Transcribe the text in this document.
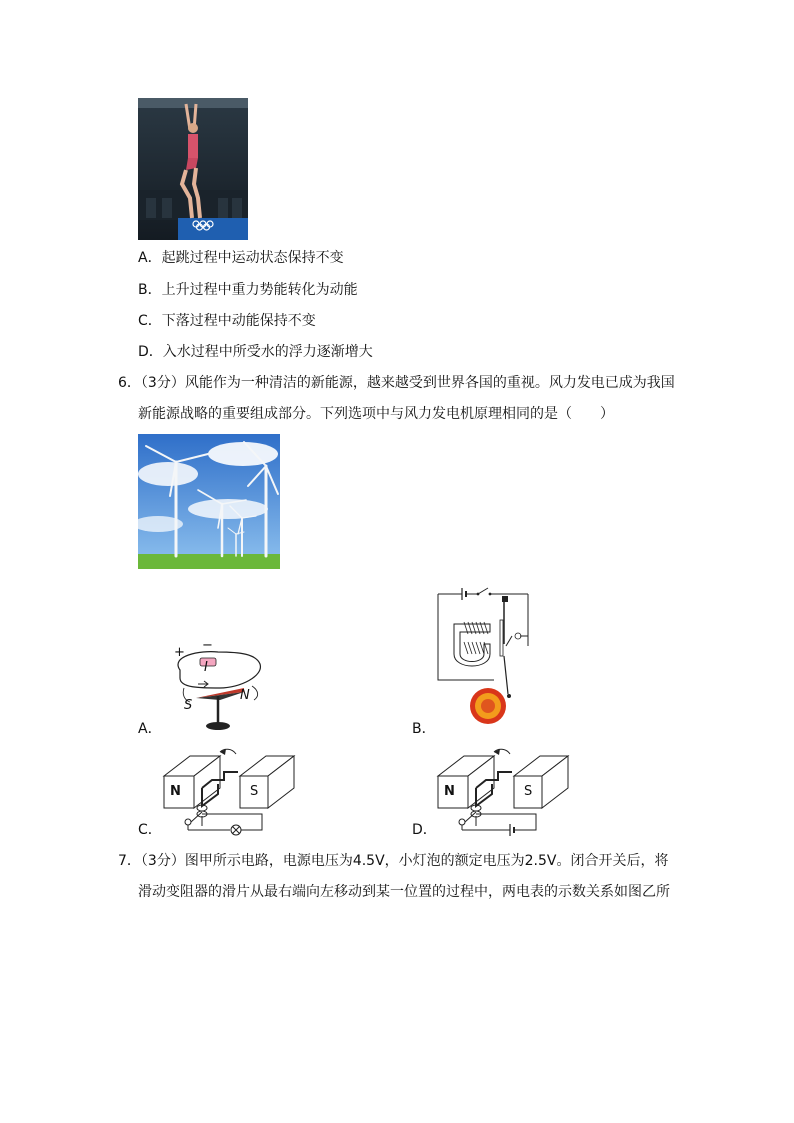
A．起跳过程中运动状态保持不变
B．上升过程中重力势能转化为动能
C．下落过程中动能保持不变
D．入水过程中所受水的浮力逐渐增大
6．（3分）风能作为一种清洁的新能源，越来越受到世界各国的重视。风力发电已成为我国
新能源战略的重要组成部分。下列选项中与风力发电机原理相同的是（　　）
+ −
I
S
N
A．	B．
N	S
C．
N	S
D．
7．（3分）图甲所示电路，电源电压为4.5V，小灯泡的额定电压为2.5V。闭合开关后，将
滑动变阻器的滑片从最右端向左移动到某一位置的过程中，两电表的示数关系如图乙所
